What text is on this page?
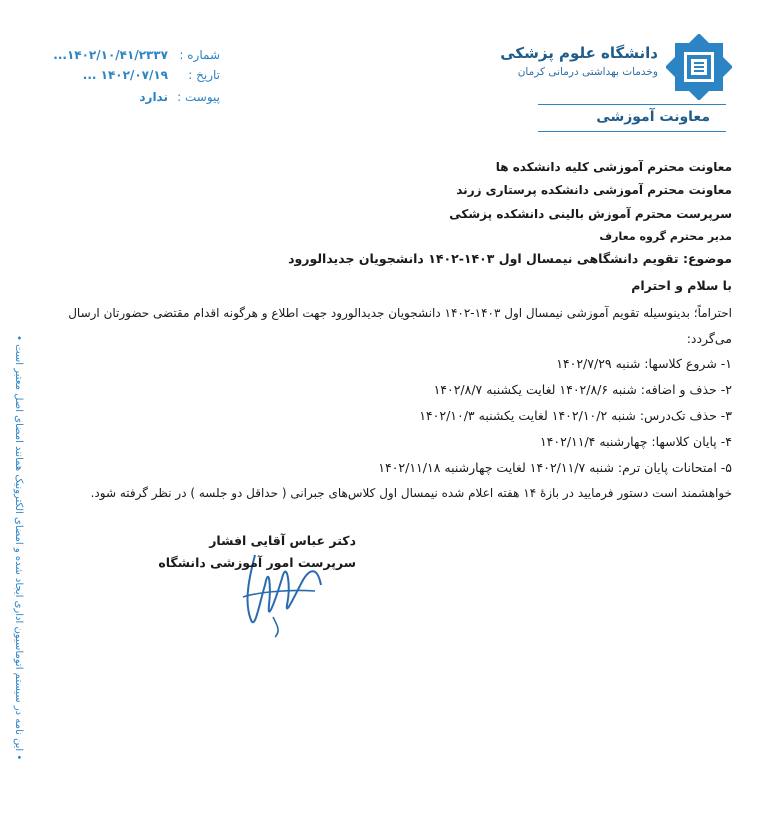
شماره :۱۴۰۲/۱۰/۴۱/۲۳۳۷...
تاریخ :۱۴۰۲/۰۷/۱۹ ...
پیوست :ندارد
دانشگاه علوم پزشکی
وخدمات بهداشتی درمانی کرمان
معاونت آموزشی
معاونت محترم آموزشی کلیه دانشکده ها
معاونت محترم آموزشی دانشکده پرستاری زرند
سرپرست محترم آموزش بالینی دانشکده پزشکی
مدیر محترم گروه معارف
موضوع: تقویم دانشگاهی نیمسال اول ۱۴۰۳-۱۴۰۲ دانشجویان جدیدالورود
با سلام و احترام
احتراماً؛ بدینوسیله تقویم آموزشی نیمسال اول ۱۴۰۳-۱۴۰۲ دانشجویان جدیدالورود جهت اطلاع و هرگونه اقدام مقتضی حضورتان ارسال
می‌گردد:
۱- شروع کلاسها: شنبه ۱۴۰۲/۷/۲۹
۲- حذف و اضافه: شنبه ۱۴۰۲/۸/۶ لغایت یکشنبه ۱۴۰۲/۸/۷
۳- حذف تک‌درس: شنبه ۱۴۰۲/۱۰/۲ لغایت یکشنبه ۱۴۰۲/۱۰/۳
۴- پایان کلاسها: چهارشنبه ۱۴۰۲/۱۱/۴
۵- امتحانات پایان ترم: شنبه ۱۴۰۲/۱۱/۷ لغایت چهارشنبه ۱۴۰۲/۱۱/۱۸
خواهشمند است دستور فرمایید در بازهٔ ۱۴ هفته اعلام شده نیمسال اول کلاس‌های جبرانی ( حداقل دو جلسه ) در نظر گرفته شود.
دکتر عباس آقایی افشار
سرپرست امور آموزشی دانشگاه
• این نامه در سیستم اتوماسیون اداری ایجاد شده و امضای الکترونیک همانند امضای اصل معتبر است •
